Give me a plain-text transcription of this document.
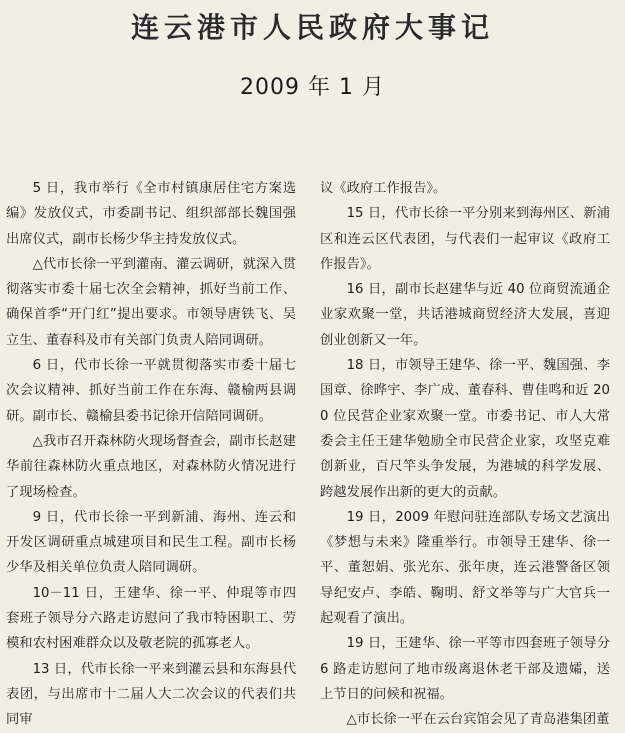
连云港市人民政府大事记
2009 年 1 月

5 日，我市举行《全市村镇康居住宅方案选编》发放仪式，市委副书记、组织部部长魏国强出席仪式，副市长杨少华主持发放仪式。

△代市长徐一平到灌南、灌云调研，就深入贯彻落实市委十届七次全会精神，抓好当前工作、确保首季“开门红”提出要求。市领导唐铁飞、吴立生、董春科及市有关部门负责人陪同调研。

6 日，代市长徐一平就贯彻落实市委十届七次会议精神、抓好当前工作在东海、赣榆两县调研。副市长、赣榆县委书记徐开信陪同调研。

△我市召开森林防火现场督查会，副市长赵建华前往森林防火重点地区，对森林防火情况进行了现场检查。

9 日，代市长徐一平到新浦、海州、连云和开发区调研重点城建项目和民生工程。副市长杨少华及相关单位负责人陪同调研。

10－11 日，王建华、徐一平、仲琨等市四套班子领导分六路走访慰问了我市特困职工、劳模和农村困难群众以及敬老院的孤寡老人。

13 日，代市长徐一平来到灌云县和东海县代表团，与出席市十二届人大二次会议的代表们共同审

议《政府工作报告》。

15 日，代市长徐一平分别来到海州区、新浦区和连云区代表团，与代表们一起审议《政府工作报告》。

16 日，副市长赵建华与近 40 位商贸流通企业家欢聚一堂，共话港城商贸经济大发展，喜迎创业创新又一年。

18 日，市领导王建华、徐一平、魏国强、李国章、徐晔宇、李广成、董春科、曹佳鸣和近 200 位民营企业家欢聚一堂。市委书记、市人大常委会主任王建华勉励全市民营企业家，攻坚克难创新业，百尺竿头争发展，为港城的科学发展、跨越发展作出新的更大的贡献。

19 日，2009 年慰问驻连部队专场文艺演出《梦想与未来》隆重举行。市领导王建华、徐一平、董恕娟、张光东、张年庚，连云港警备区领导纪安卢、李皓、鞠明、舒文举等与广大官兵一起观看了演出。

19 日，王建华、徐一平等市四套班子领导分 6 路走访慰问了地市级离退休老干部及遗孀，送上节日的问候和祝福。

△市长徐一平在云台宾馆会见了青岛港集团董
